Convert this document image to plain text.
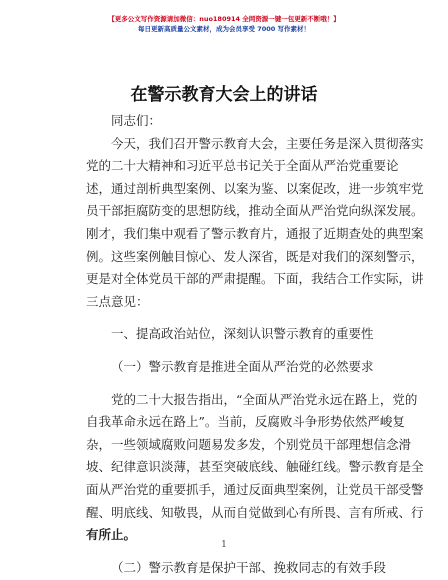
【更多公文写作资源请加微信：nuo180914 全网资源一键一包更新不断哦！】
每日更新高质量公文素材，成为会员享受 7000 写作素材！
在警示教育大会上的讲话
同志们：
今天，我们召开警示教育大会，主要任务是深入贯彻落实
党的二十大精神和习近平总书记关于全面从严治党重要论
述，通过剖析典型案例、以案为鉴、以案促改，进一步筑牢党
员干部拒腐防变的思想防线，推动全面从严治党向纵深发展。
刚才，我们集中观看了警示教育片，通报了近期查处的典型案
例。这些案例触目惊心、发人深省，既是对我们的深刻警示，
更是对全体党员干部的严肃提醒。下面，我结合工作实际，讲
三点意见：
一、提高政治站位，深刻认识警示教育的重要性
（一）警示教育是推进全面从严治党的必然要求
党的二十大报告指出，“全面从严治党永远在路上，党的
自我革命永远在路上”。当前，反腐败斗争形势依然严峻复
杂，一些领域腐败问题易发多发，个别党员干部理想信念滑
坡、纪律意识淡薄，甚至突破底线、触碰红线。警示教育是全
面从严治党的重要抓手，通过反面典型案例，让党员干部受警
醒、明底线、知敬畏，从而自觉做到心有所畏、言有所戒、行
有所止。
（二）警示教育是保护干部、挽救同志的有效手段
1
